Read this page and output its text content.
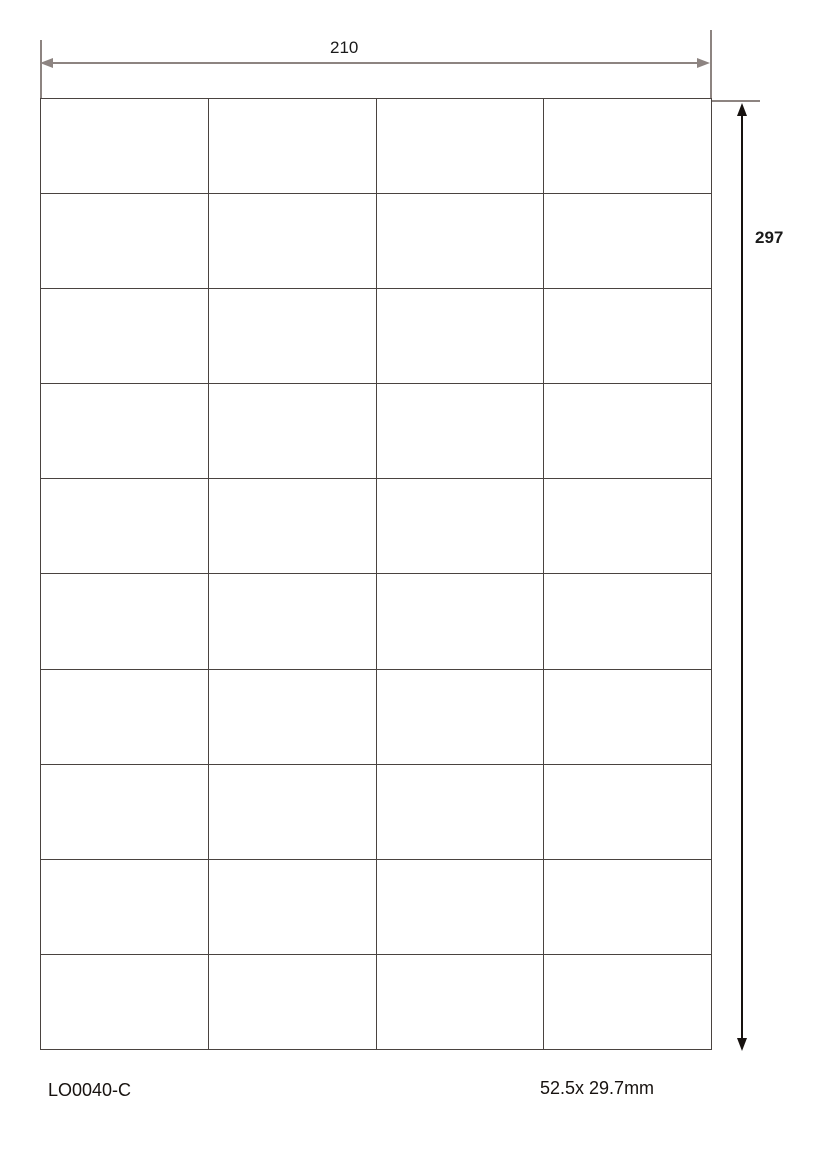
210
297
LO0040-C	52.5x 29.7mm
